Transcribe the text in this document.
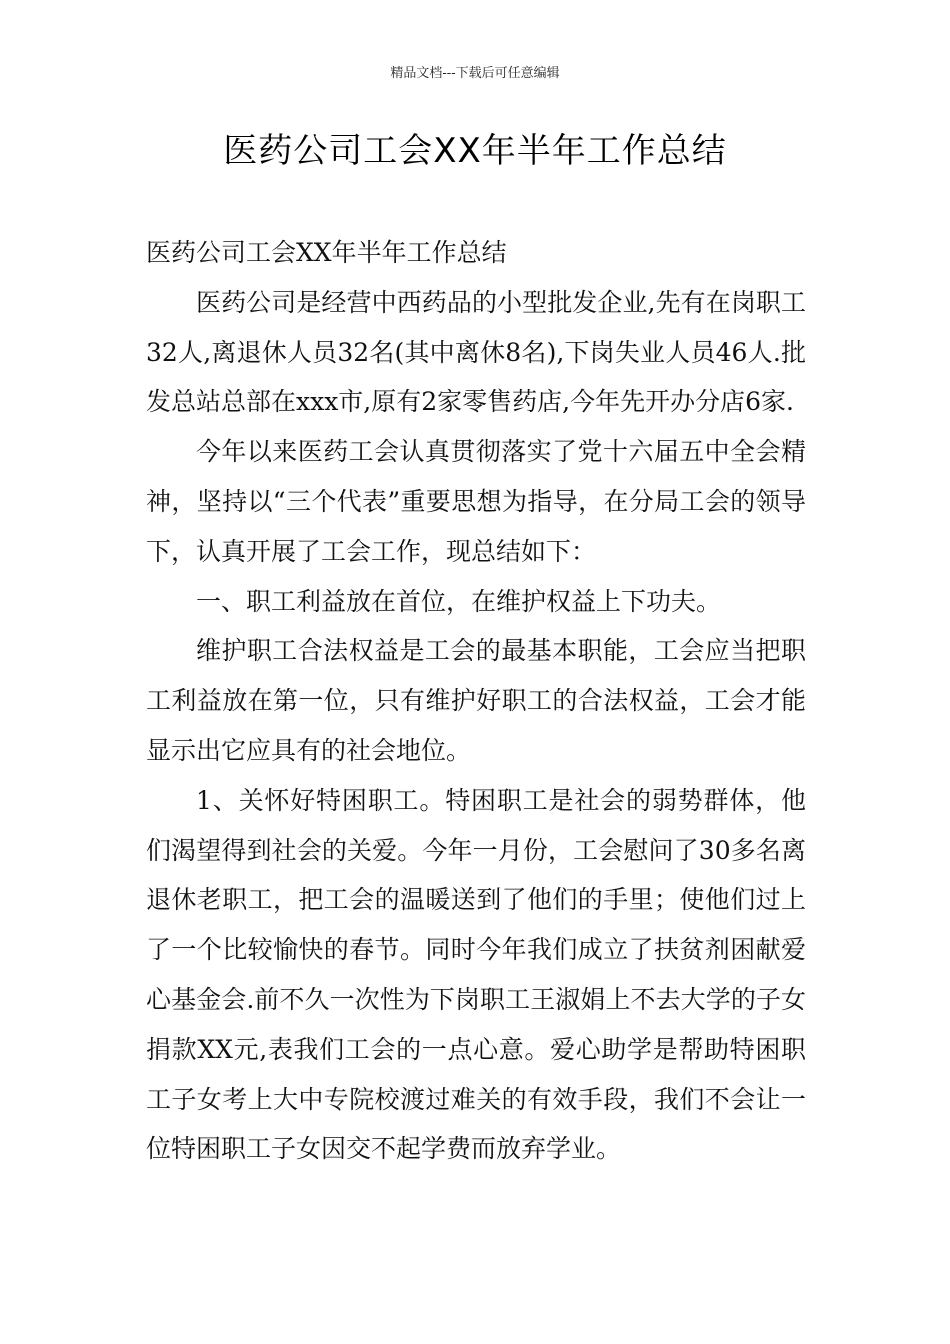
精品文档---下载后可任意编辑
医药公司工会XX年半年工作总结

医药公司工会XX年半年工作总结

医药公司是经营中西药品的小型批发企业,先有在岗职工32人,离退休人员32名(其中离休8名),下岗失业人员46人.批发总站总部在xxx市,原有2家零售药店,今年先开办分店6家.

今年以来医药工会认真贯彻落实了党十六届五中全会精神，坚持以“三个代表”重要思想为指导，在分局工会的领导下，认真开展了工会工作，现总结如下：

一、职工利益放在首位，在维护权益上下功夫。

维护职工合法权益是工会的最基本职能，工会应当把职工利益放在第一位，只有维护好职工的合法权益，工会才能显示出它应具有的社会地位。

1、关怀好特困职工。特困职工是社会的弱势群体，他们渴望得到社会的关爱。今年一月份，工会慰问了30多名离退休老职工，把工会的温暖送到了他们的手里；使他们过上了一个比较愉快的春节。同时今年我们成立了扶贫剂困献爱心基金会.前不久一次性为下岗职工王淑娟上不去大学的子女捐款XX元,表我们工会的一点心意。爱心助学是帮助特困职工子女考上大中专院校渡过难关的有效手段，我们不会让一位特困职工子女因交不起学费而放弃学业。
